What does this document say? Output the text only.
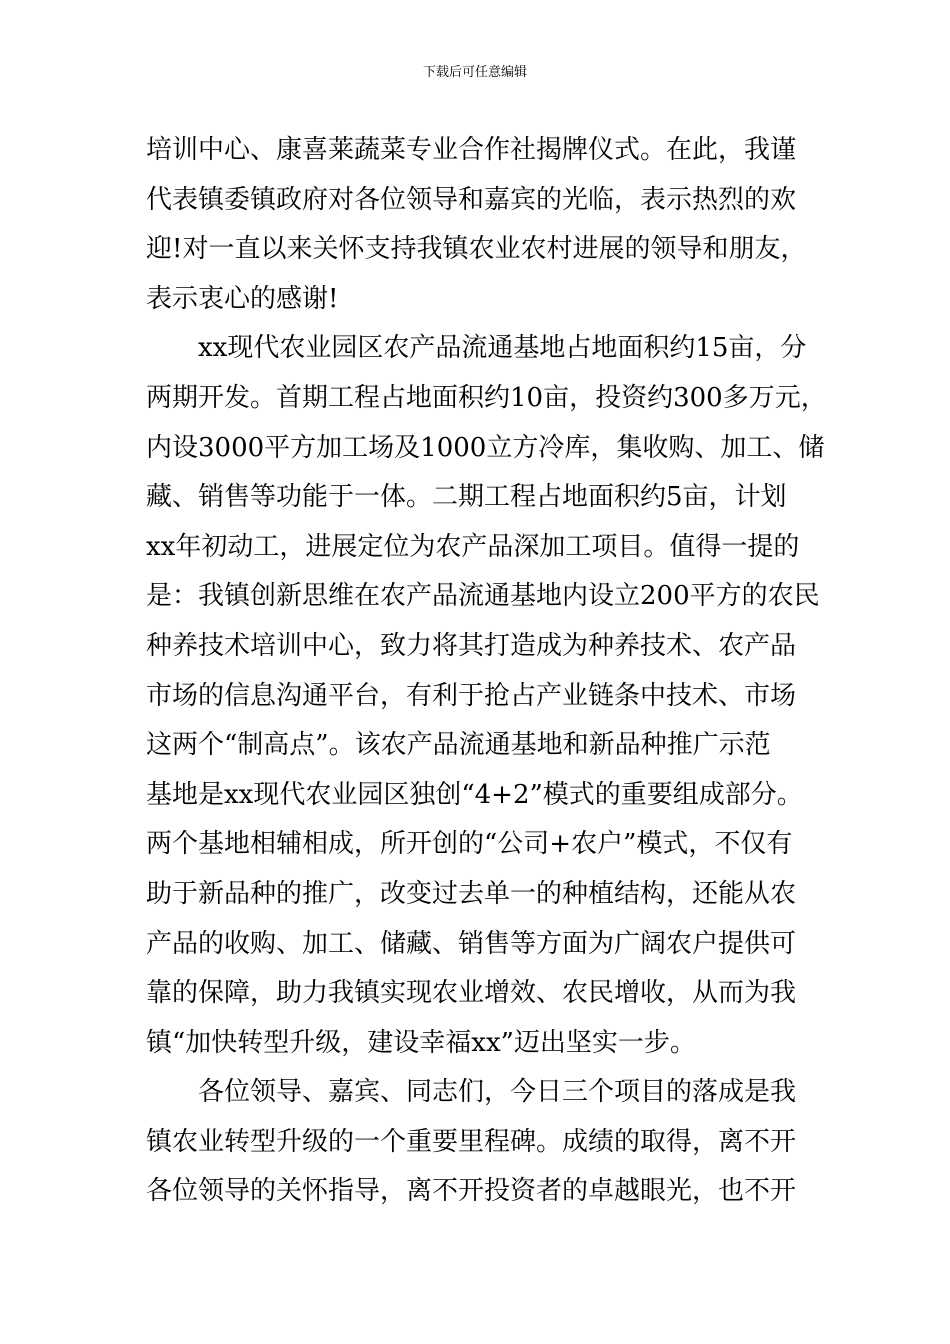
下载后可任意编辑
培训中心、康喜莱蔬菜专业合作社揭牌仪式。在此，我谨
代表镇委镇政府对各位领导和嘉宾的光临，表示热烈的欢
迎!对一直以来关怀支持我镇农业农村进展的领导和朋友，
表示衷心的感谢!
xx现代农业园区农产品流通基地占地面积约15亩，分
两期开发。首期工程占地面积约10亩，投资约300多万元，
内设3000平方加工场及1000立方冷库，集收购、加工、储
藏、销售等功能于一体。二期工程占地面积约5亩，计划
xx年初动工，进展定位为农产品深加工项目。值得一提的
是：我镇创新思维在农产品流通基地内设立200平方的农民
种养技术培训中心，致力将其打造成为种养技术、农产品
市场的信息沟通平台，有利于抢占产业链条中技术、市场
这两个“制高点”。该农产品流通基地和新品种推广示范
基地是xx现代农业园区独创“4+2”模式的重要组成部分。
两个基地相辅相成，所开创的“公司+农户”模式，不仅有
助于新品种的推广，改变过去单一的种植结构，还能从农
产品的收购、加工、储藏、销售等方面为广阔农户提供可
靠的保障，助力我镇实现农业增效、农民增收，从而为我
镇“加快转型升级，建设幸福xx”迈出坚实一步。
各位领导、嘉宾、同志们，今日三个项目的落成是我
镇农业转型升级的一个重要里程碑。成绩的取得，离不开
各位领导的关怀指导，离不开投资者的卓越眼光，也不开
